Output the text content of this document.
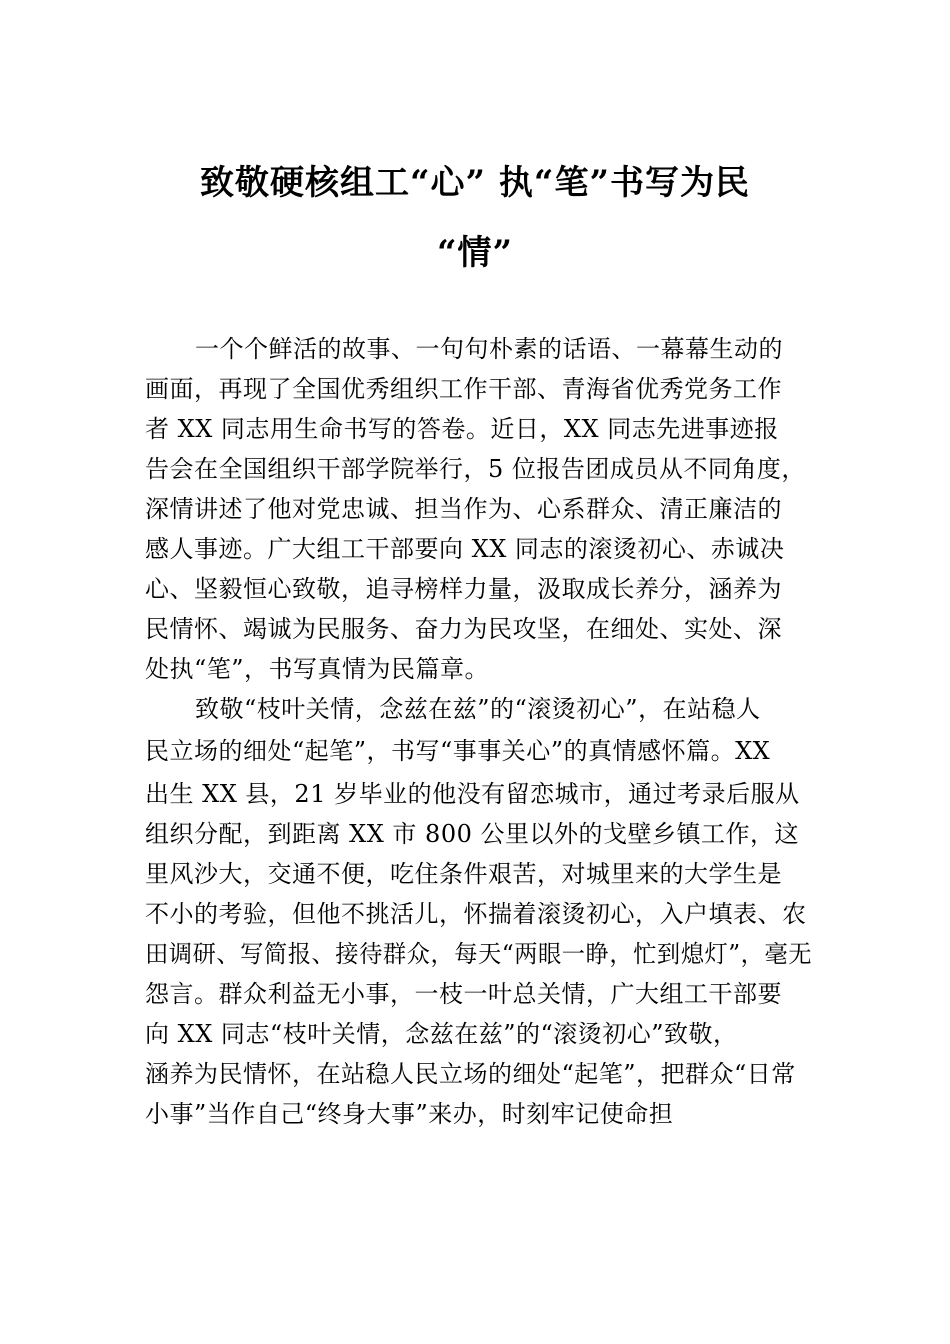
致敬硬核组工“心” 执“笔”书写为民
“情”
一个个鲜活的故事、一句句朴素的话语、一幕幕生动的
画面，再现了全国优秀组织工作干部、青海省优秀党务工作
者 XX 同志用生命书写的答卷。近日，XX 同志先进事迹报
告会在全国组织干部学院举行，5 位报告团成员从不同角度，
深情讲述了他对党忠诚、担当作为、心系群众、清正廉洁的
感人事迹。广大组工干部要向 XX 同志的滚烫初心、赤诚决
心、坚毅恒心致敬，追寻榜样力量，汲取成长养分，涵养为
民情怀、竭诚为民服务、奋力为民攻坚，在细处、实处、深
处执“笔”，书写真情为民篇章。
致敬“枝叶关情，念兹在兹”的“滚烫初心”，在站稳人
民立场的细处“起笔”，书写“事事关心”的真情感怀篇。XX
出生 XX 县，21 岁毕业的他没有留恋城市，通过考录后服从
组织分配，到距离 XX 市 800 公里以外的戈壁乡镇工作，这
里风沙大，交通不便，吃住条件艰苦，对城里来的大学生是
不小的考验，但他不挑活儿，怀揣着滚烫初心，入户填表、农
田调研、写简报、接待群众，每天“两眼一睁，忙到熄灯”，毫无
怨言。群众利益无小事，一枝一叶总关情，广大组工干部要
向 XX 同志“枝叶关情，念兹在兹”的“滚烫初心”致敬，
涵养为民情怀，在站稳人民立场的细处“起笔”，把群众“日常
小事”当作自己“终身大事”来办，时刻牢记使命担
